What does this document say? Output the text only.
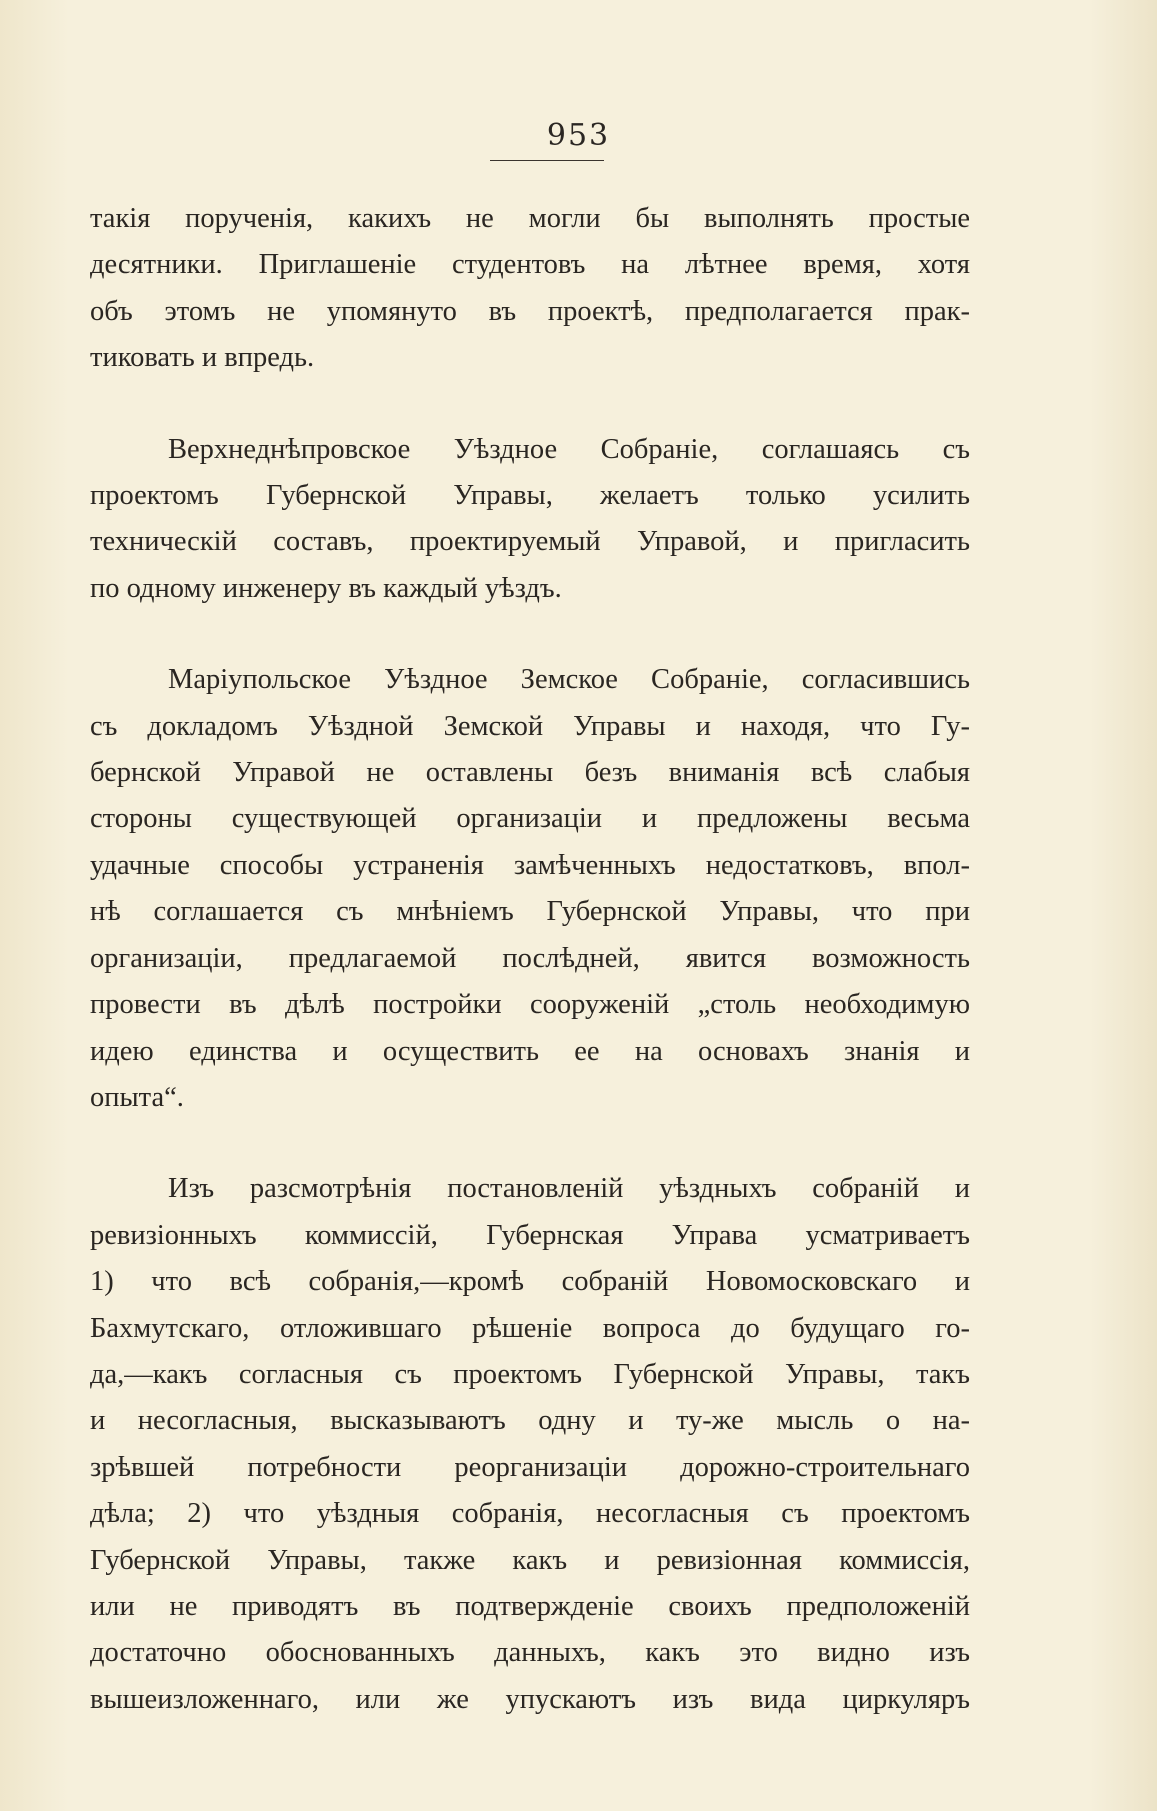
953
такія порученія, какихъ не могли бы выполнять простые
десятники. Приглашеніе студентовъ на лѣтнее время, хотя
объ этомъ не упомянуто въ проектѣ, предполагается прак-
тиковать и впредь.
Верхнеднѣпровское Уѣздное Собраніе, соглашаясь съ
проектомъ Губернской Управы, желаетъ только усилить
техническій составъ, проектируемый Управой, и пригласить
по одному инженеру въ каждый уѣздъ.
Маріупольское Уѣздное Земское Собраніе, согласившись
съ докладомъ Уѣздной Земской Управы и находя, что Гу-
бернской Управой не оставлены безъ вниманія всѣ слабыя
стороны существующей организаціи и предложены весьма
удачные способы устраненія замѣченныхъ недостатковъ, впол-
нѣ соглашается съ мнѣніемъ Губернской Управы, что при
организаціи, предлагаемой послѣдней, явится возможность
провести въ дѣлѣ постройки сооруженій „столь необходимую
идею единства и осуществить ее на основахъ знанія и
опыта“.
Изъ разсмотрѣнія постановленій уѣздныхъ собраній и
ревизіонныхъ коммиссій, Губернская Управа усматриваетъ
1) что всѣ собранія,—кромѣ собраній Новомосковскаго и
Бахмутскаго, отложившаго рѣшеніе вопроса до будущаго го-
да,—какъ согласныя съ проектомъ Губернской Управы, такъ
и несогласныя, высказываютъ одну и ту-же мысль о на-
зрѣвшей потребности реорганизаціи дорожно-строительнаго
дѣла; 2) что уѣздныя собранія, несогласныя съ проектомъ
Губернской Управы, также какъ и ревизіонная коммиссія,
или не приводятъ въ подтвержденіе своихъ предположеній
достаточно обоснованныхъ данныхъ, какъ это видно изъ
вышеизложеннаго, или же упускаютъ изъ вида циркуляръ
